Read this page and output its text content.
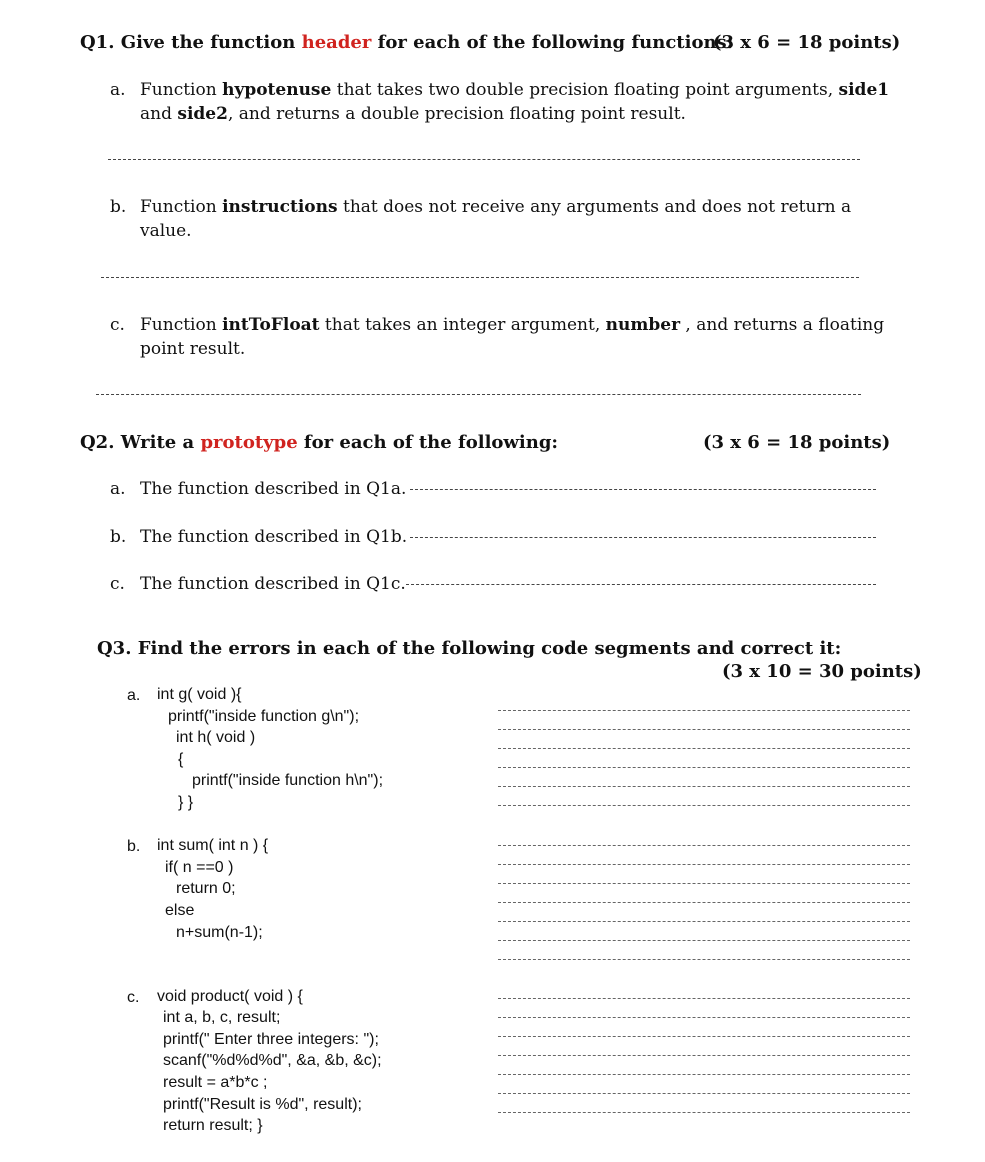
Q1. Give the function header for each of the following functions:
(3 x 6 = 18 points)
a. Function hypotenuse that takes two double precision floating point arguments, side1
and side2, and returns a double precision floating point result.
b. Function instructions that does not receive any arguments and does not return a
value.
c. Function intToFloat that takes an integer argument, number , and returns a floating
point result.
Q2. Write a prototype for each of the following:	(3 x 6 = 18 points)
a. The function described in Q1a.
b. The function described in Q1b.
c. The function described in Q1c.
Q3. Find the errors in each of the following code segments and correct it:
(3 x 10 = 30 points)
a. int g( void ){
printf("inside function g\n");
int h( void )
{
printf("inside function h\n");
} }
b. int sum( int n ) {
if( n ==0 )
return 0;
else
n+sum(n-1);
c. void product( void ) {
int a, b, c, result;
printf(" Enter three integers: ");
scanf("%d%d%d", &a, &b, &c);
result = a*b*c ;
printf("Result is %d", result);
return result; }
